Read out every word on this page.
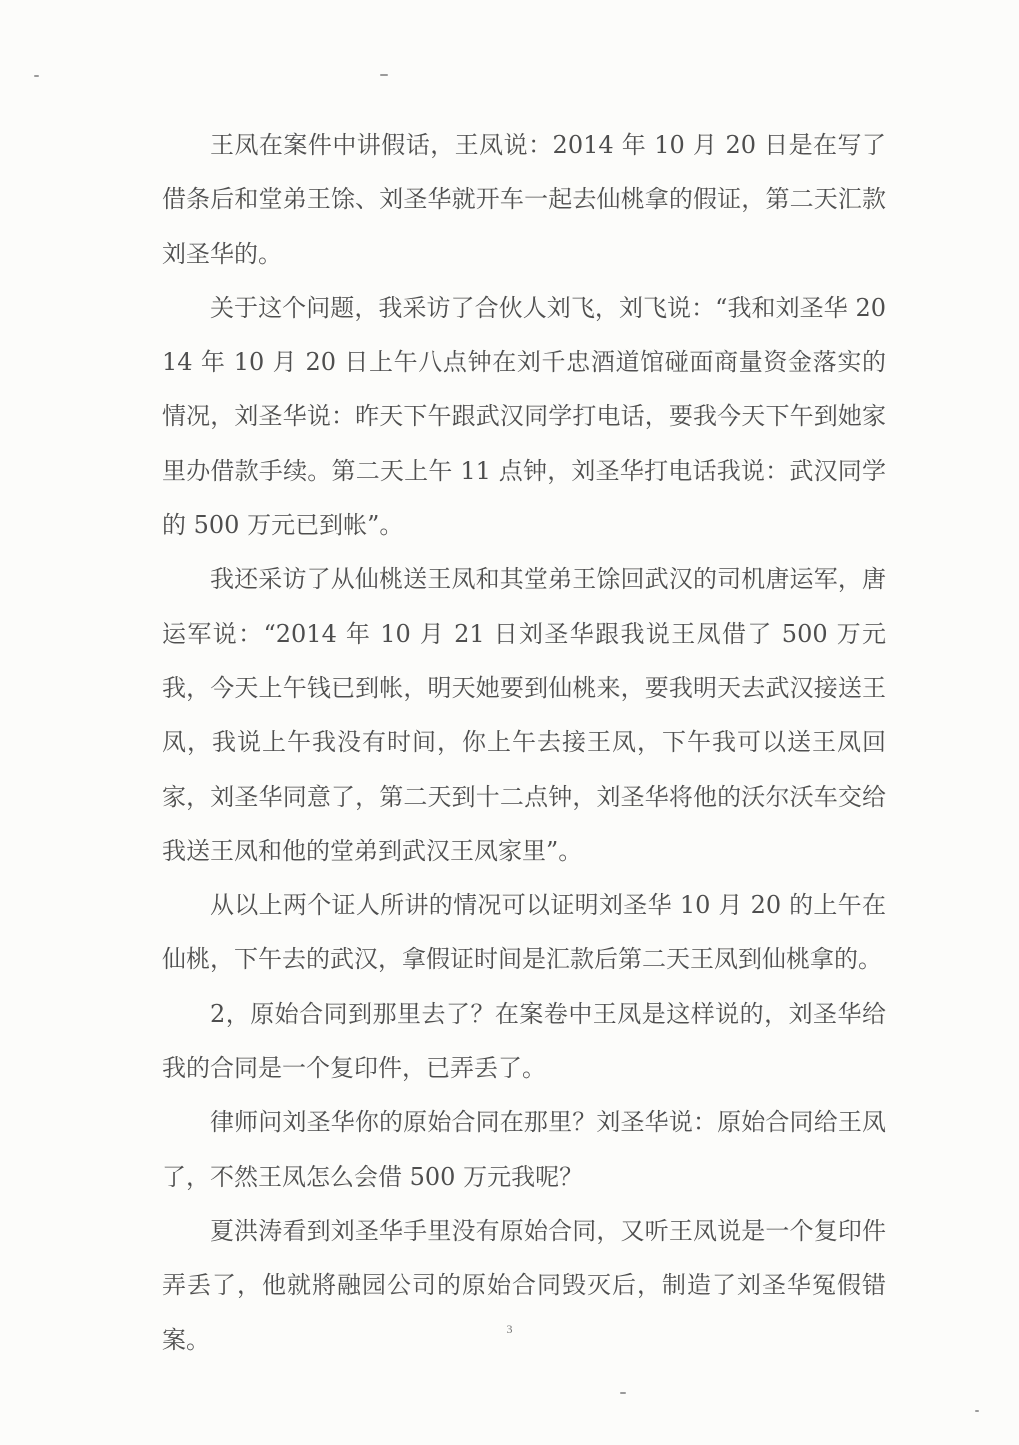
王凤在案件中讲假话，王凤说：2014 年 10 月 20 日是在写了借条后和堂弟王馀、刘圣华就开车一起去仙桃拿的假证，第二天汇款刘圣华的。

关于这个问题，我采访了合伙人刘飞，刘飞说：“我和刘圣华 2014 年 10 月 20 日上午八点钟在刘千忠酒道馆碰面商量资金落实的情况，刘圣华说：昨天下午跟武汉同学打电话，要我今天下午到她家里办借款手续。第二天上午 11 点钟，刘圣华打电话我说：武汉同学的 500 万元已到帐”。

我还采访了从仙桃送王凤和其堂弟王馀回武汉的司机唐运军，唐运军说：“2014 年 10 月 21 日刘圣华跟我说王凤借了 500 万元我，今天上午钱已到帐，明天她要到仙桃来，要我明天去武汉接送王凤，我说上午我没有时间，你上午去接王凤，下午我可以送王凤回家，刘圣华同意了，第二天到十二点钟，刘圣华将他的沃尔沃车交给我送王凤和他的堂弟到武汉王凤家里”。

从以上两个证人所讲的情况可以证明刘圣华 10 月 20 的上午在仙桃，下午去的武汉，拿假证时间是汇款后第二天王凤到仙桃拿的。

2，原始合同到那里去了？在案卷中王凤是这样说的，刘圣华给我的合同是一个复印件，已弄丢了。

律师问刘圣华你的原始合同在那里？刘圣华说：原始合同给王凤了，不然王凤怎么会借 500 万元我呢？

夏洪涛看到刘圣华手里没有原始合同，又听王凤说是一个复印件弄丢了，他就將融园公司的原始合同毁灭后，制造了刘圣华冤假错案。	3
